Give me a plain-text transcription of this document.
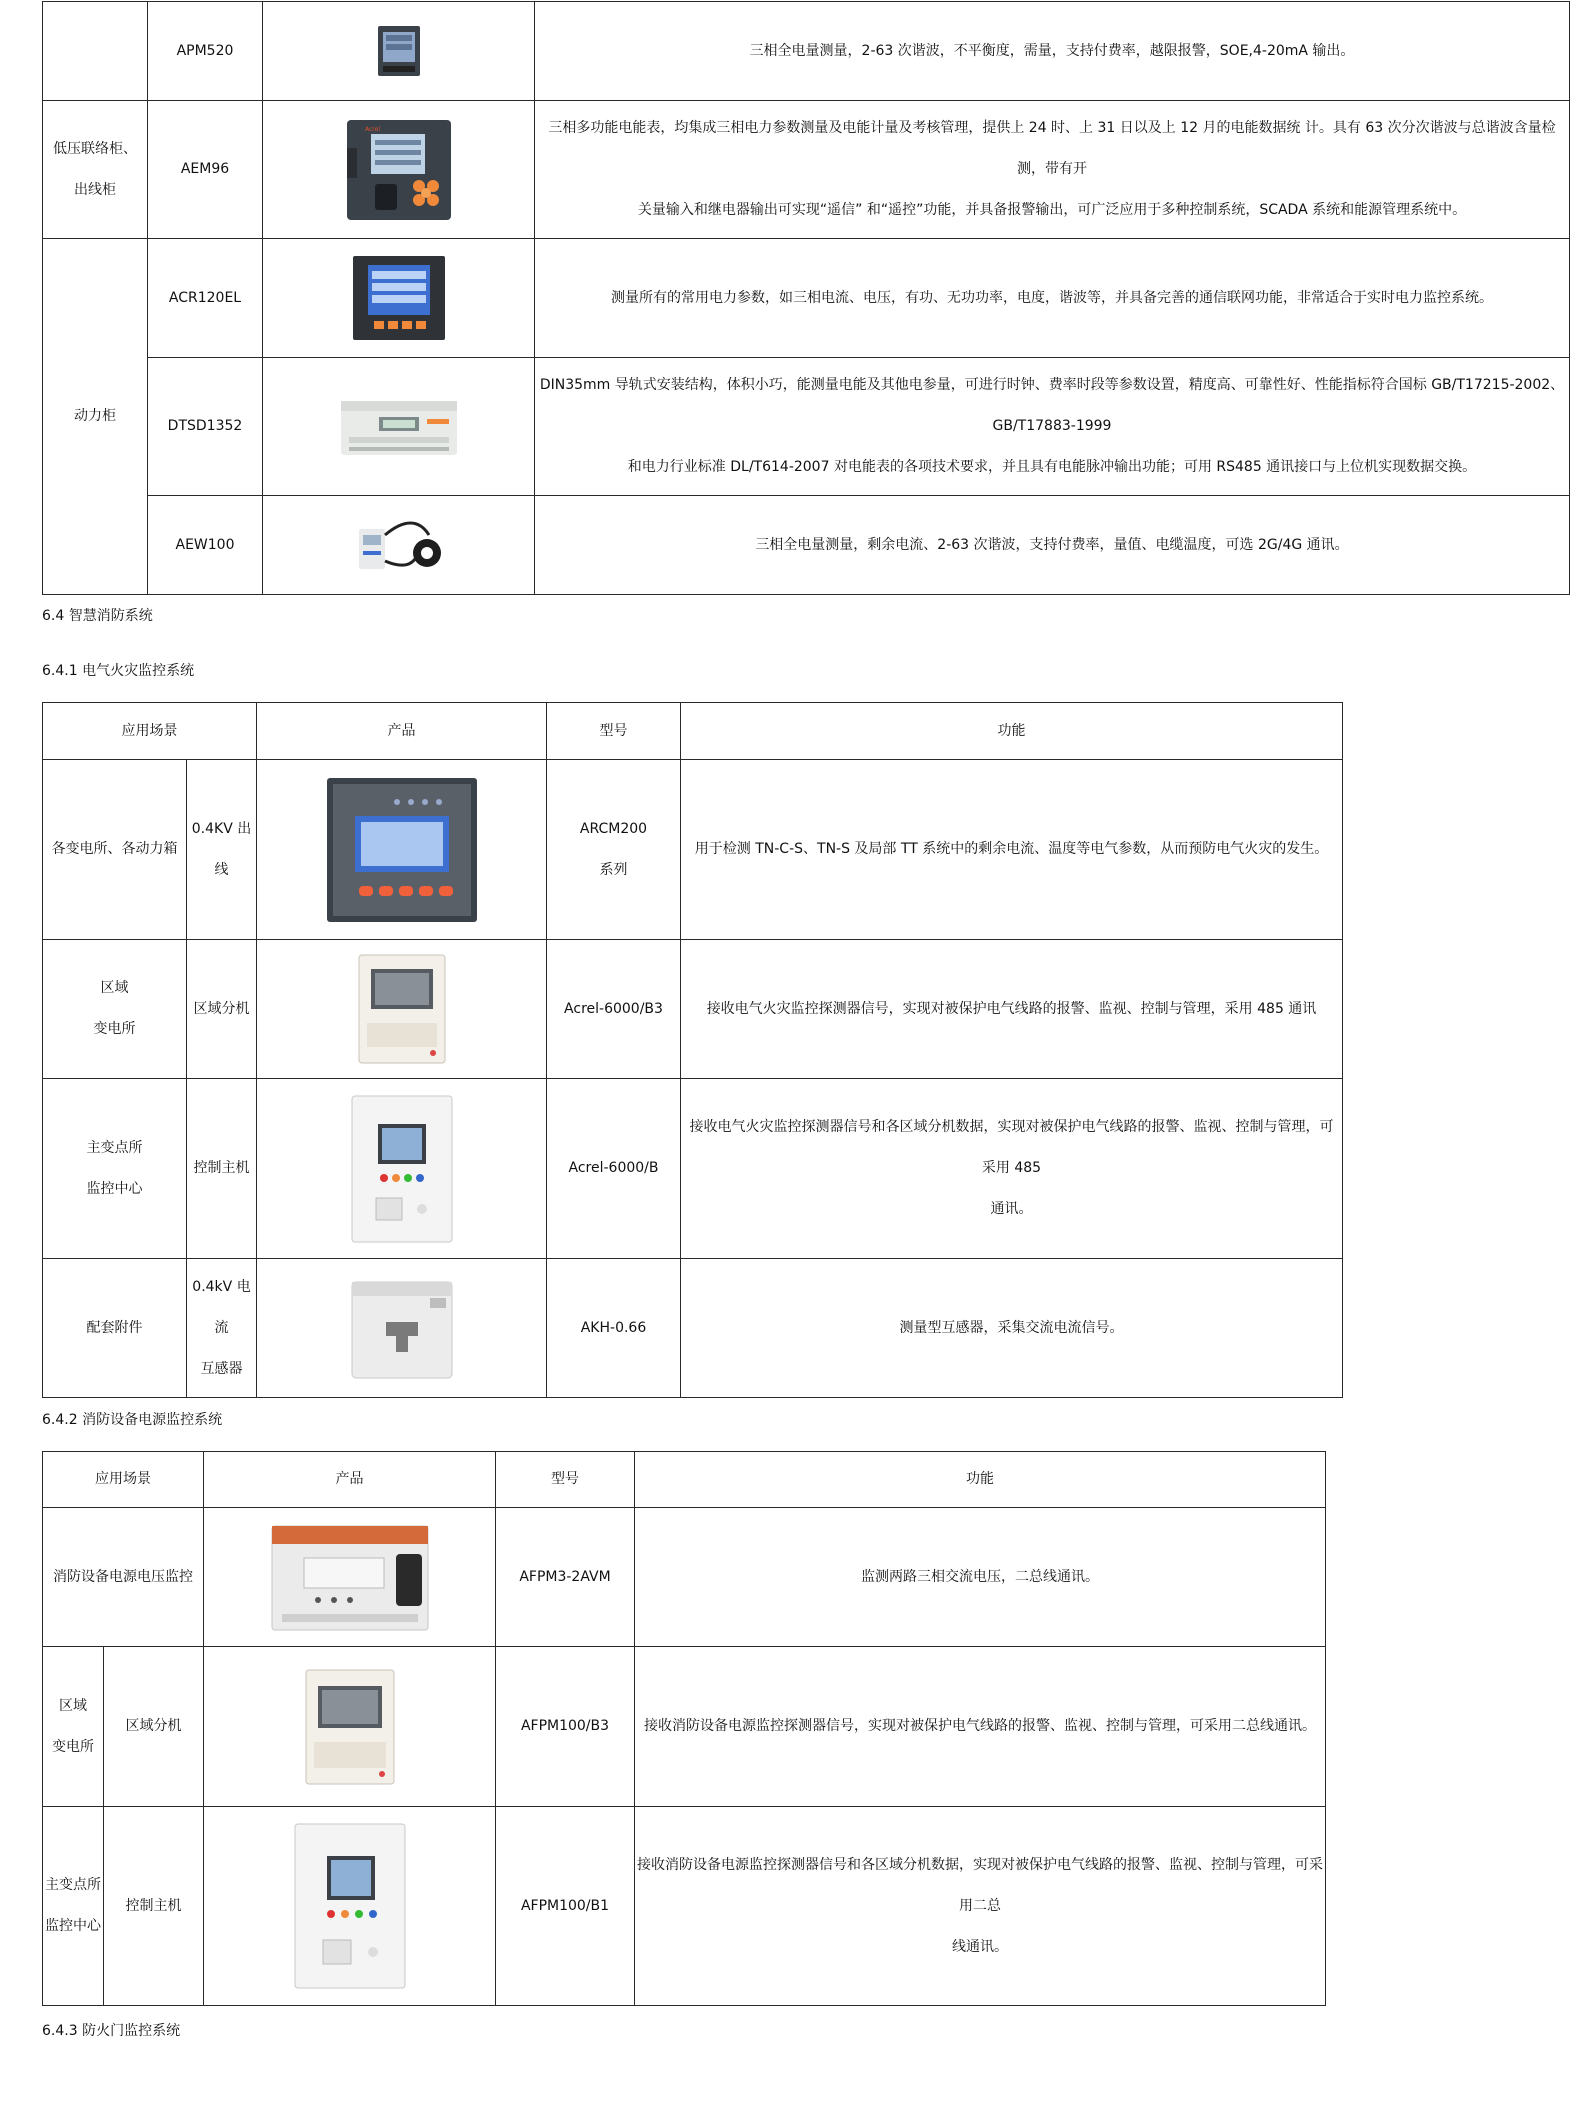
	APM520		三相全电量测量，2-63 次谐波，不平衡度，需量，支持付费率，越限报警，SOE,4-20mA 输出。
低压联络柜、
出线柜	AEM96	Acrel	三相多功能电能表，均集成三相电力参数测量及电能计量及考核管理，提供上 24 时、上 31 日以及上 12 月的电能数据统 计。具有 63 次分次谐波与总谐波含量检测，带有开
关量输入和继电器输出可实现“遥信” 和“遥控”功能，并具备报警输出，可广泛应用于多种控制系统，SCADA 系统和能源管理系统中。
动力柜	ACR120EL		测量所有的常用电力参数，如三相电流、电压，有功、无功功率，电度，谐波等，并具备完善的通信联网功能，非常适合于实时电力监控系统。
	DTSD1352		DIN35mm 导轨式安装结构，体积小巧，能测量电能及其他电参量，可进行时钟、费率时段等参数设置，精度高、可靠性好、性能指标符合国标 GB/T17215-2002、GB/T17883-1999
和电力行业标准 DL/T614-2007 对电能表的各项技术要求，并且具有电能脉冲输出功能；可用 RS485 通讯接口与上位机实现数据交换。
	AEW100		三相全电量测量，剩余电流、2-63 次谐波，支持付费率，量值、电缆温度，可选 2G/4G 通讯。
6.4 智慧消防系统
6.4.1 电气火灾监控系统
应用场景		产品	型号	功能
各变电所、各动力箱	0.4KV 出线		ARCM200
系列	用于检测 TN-C-S、TN-S 及局部 TT 系统中的剩余电流、温度等电气参数，从而预防电气火灾的发生。
区域
变电所	区域分机		Acrel-6000/B3	接收电气火灾监控探测器信号，实现对被保护电气线路的报警、监视、控制与管理，采用 485 通讯
主变点所
监控中心	控制主机		Acrel-6000/B	接收电气火灾监控探测器信号和各区域分机数据，实现对被保护电气线路的报警、监视、控制与管理，可采用 485
通讯。
配套附件	0.4kV 电流
互感器		AKH-0.66	测量型互感器，采集交流电流信号。
6.4.2 消防设备电源监控系统
应用场景		产品	型号	功能
消防设备电源电压监控			AFPM3-2AVM	监测两路三相交流电压，二总线通讯。
区域
变电所	区域分机		AFPM100/B3	接收消防设备电源监控探测器信号，实现对被保护电气线路的报警、监视、控制与管理，可采用二总线通讯。
主变点所
监控中心	控制主机		AFPM100/B1	接收消防设备电源监控探测器信号和各区域分机数据，实现对被保护电气线路的报警、监视、控制与管理，可采用二总
线通讯。
6.4.3 防火门监控系统
